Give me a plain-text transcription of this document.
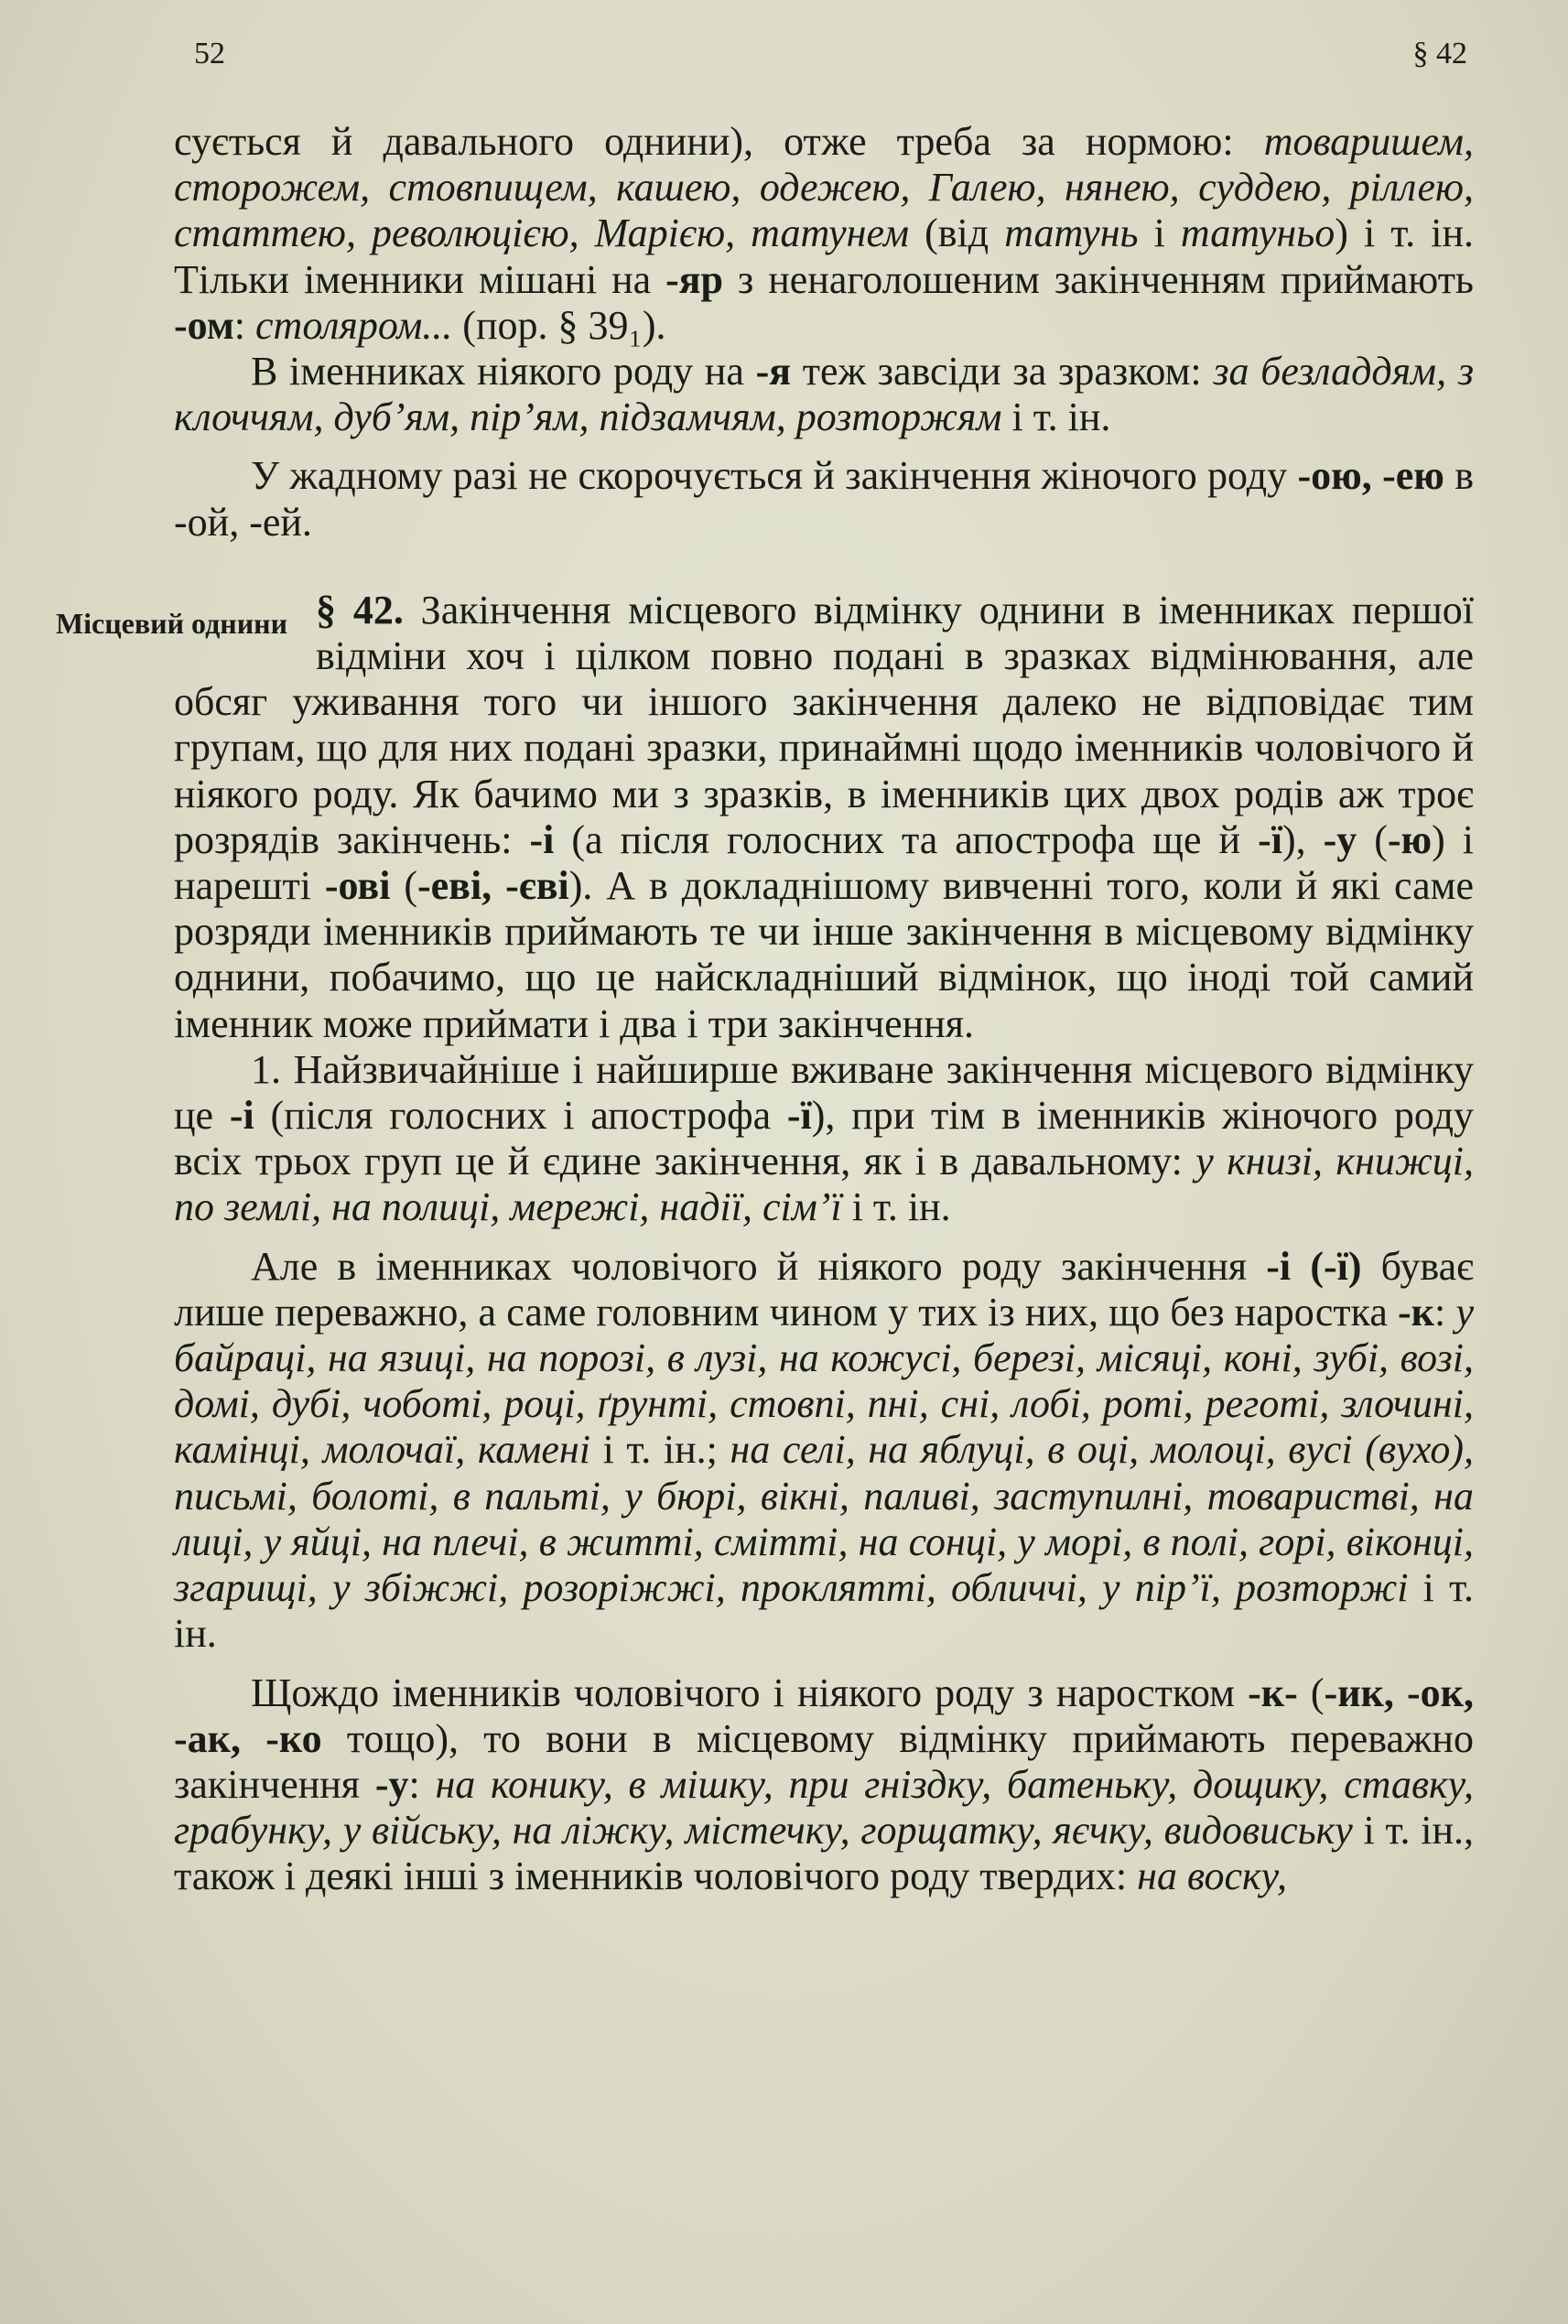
52	§ 42

сується й давального однини), отже треба за нормою: товаришем, сторожем, стовпищем, кашею, одежею, Галею, нянею, суддею, ріллею, статтею, революцією, Марією, татунем (від татунь і татуньо) і т. ін. Тільки іменники мішані на -яр з ненаголошеним закінченням приймають -ом: столяром... (пор. § 39₁).

В іменниках ніякого роду на -я теж завсіди за зразком: за безладдям, з клоччям, дуб’ям, пір’ям, підзамчям, розторжям і т. ін.

У жадному разі не скорочується й закінчення жіночого роду -ою, -ею в -ой, -ей.

Місцевий однини § 42. Закінчення місцевого відмінку однини в іменниках першої відміни хоч і цілком повно подані в зразках відмінювання, але обсяг уживання того чи іншого закінчення далеко не відповідає тим групам, що для них подані зразки, принаймні щодо іменників чоловічого й ніякого роду. Як бачимо ми з зразків, в іменників цих двох родів аж троє розрядів закінчень: -і (а після голосних та апострофа ще й -ї), -у (-ю) і нарешті -ові (-еві, -єві). А в докладнішому вивченні того, коли й які саме розряди іменників приймають те чи інше закінчення в місцевому відмінку однини, побачимо, що це найскладніший відмінок, що іноді той самий іменник може приймати і два і три закінчення.

1. Найзвичайніше і найширше вживане закінчення місцевого відмінку це -і (після голосних і апострофа -ї), при тім в іменників жіночого роду всіх трьох груп це й єдине закінчення, як і в давальному: у книзі, книжці, по землі, на полиці, мережі, надії, сім’ї і т. ін.

Але в іменниках чоловічого й ніякого роду закінчення -і (-ї) буває лише переважно, а саме головним чином у тих із них, що без наростка -к: у байраці, на язиці, на порозі, в лузі, на кожусі, березі, місяці, коні, зубі, возі, домі, дубі, чоботі, році, ґрунті, стовпі, пні, сні, лобі, роті, реготі, злочині, камінці, молочаї, камені і т. ін.; на селі, на яблуці, в оці, молоці, вусі (вухо), письмі, болоті, в пальті, у бюрі, вікні, паливі, заступилні, товаристві, на лиці, у яйці, на плечі, в житті, смітті, на сонці, у морі, в полі, горі, віконці, згарищі, у збіжжі, розоріжжі, проклятті, обличчі, у пір’ї, розторжі і т. ін.

Щождо іменників чоловічого і ніякого роду з наростком -к- (-ик, -ок, -ак, -ко тощо), то вони в місцевому відмінку приймають переважно закінчення -у: на конику, в мішку, при гніздку, батеньку, дощику, ставку, грабунку, у війську, на ліжку, містечку, горщатку, яєчку, видовиську і т. ін., також і деякі інші з іменників чоловічого роду твердих: на воску,
